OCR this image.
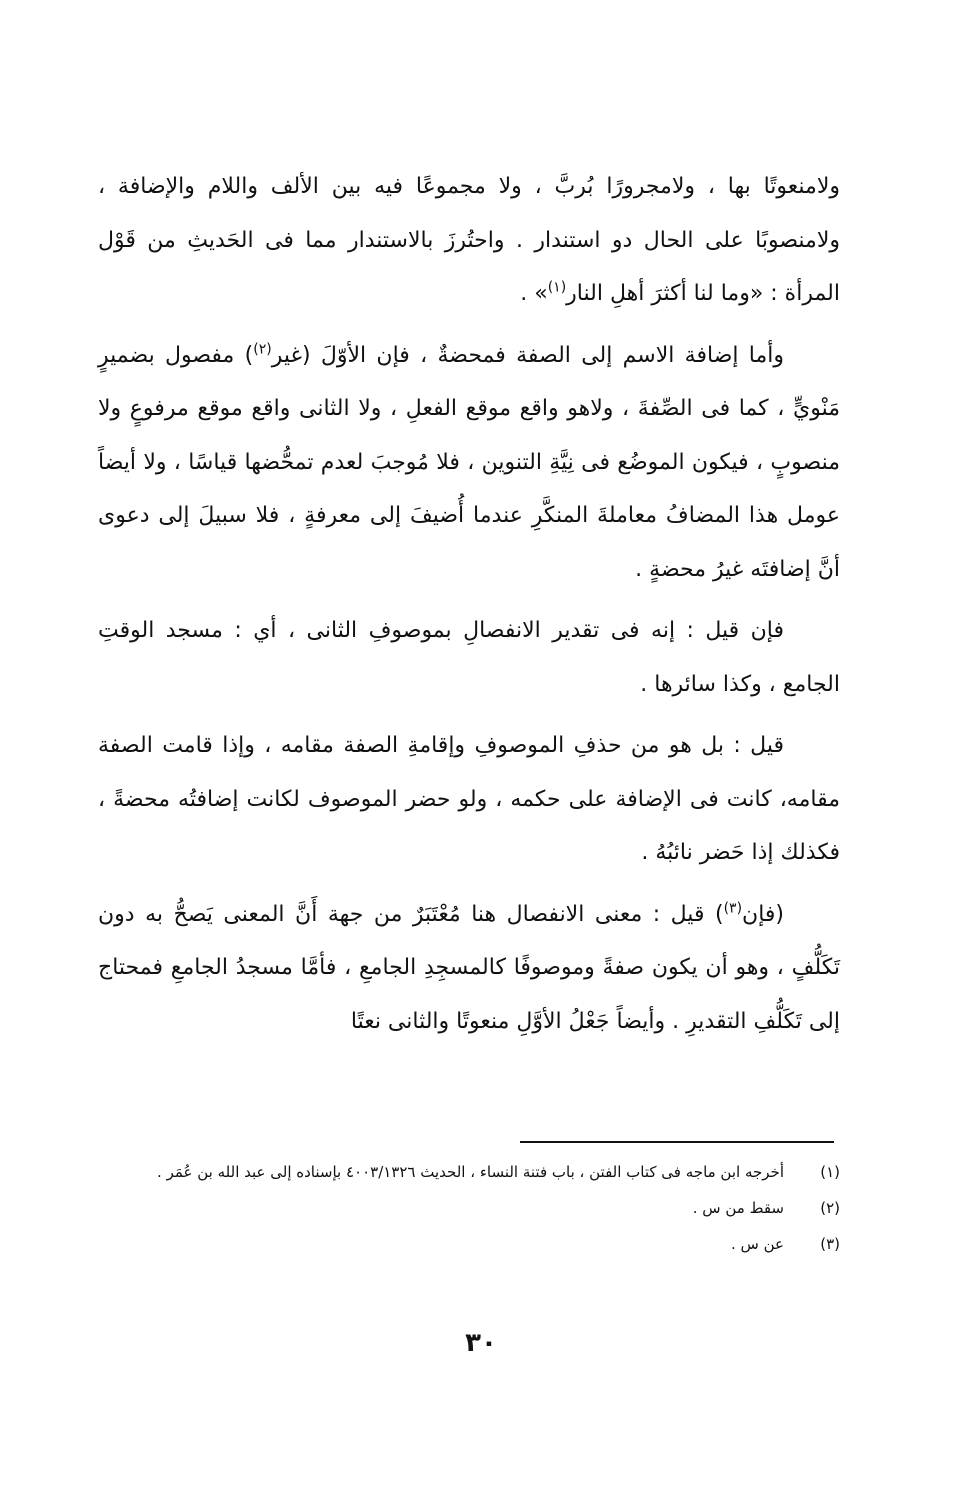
ولامنعوتًا بها ، ولامجرورًا بُربَّ ، ولا مجموعًا فيه بين الألف واللام والإضافة ، ولامنصوبًا على الحال دو استندار . واحتُرزَ بالاستندار مما فى الحَديثِ من قَوْل المرأة : «وما لنا أكثرَ أهلِ النار$^{(١)}$» .

وأما إضافة الاسم إلى الصفة فمحضةٌ ، فإن الأوّلَ (غير$^{(٢)}$) مفصول بضميرٍ مَنْويٍّ ، كما فى الصِّفةَ ، ولاهو واقع موقع الفعلِ ، ولا الثانى واقع موقع مرفوعٍ ولا منصوبٍ ، فيكون الموضُع فى نِيَّةِ التنوين ، فلا مُوجبَ لعدم تمحُّضها قياسًا ، ولا أيضاً عومل هذا المضافُ معاملةَ المنكَّرِ عندما أُضيفَ إلى معرفةٍ ، فلا سبيلَ إلى دعوى أنَّ إضافتَه غيرُ محضةٍ .

فإن قيل : إنه فى تقدير الانفصالِ بموصوفِ الثانى ، أي : مسجد الوقتِ الجامع ، وكذا سائرها .

قيل : بل هو من حذفِ الموصوفِ وإقامةِ الصفة مقامه ، وإذا قامت الصفة مقامه، كانت فى الإضافة على حكمه ، ولو حضر الموصوف لكانت إضافتُه محضةً ، فكذلك إذا حَضر نائبُهُ .

(فإن$^{(٣)}$) قيل : معنى الانفصال هنا مُعْتَبَرٌ من جهة أَنَّ المعنى يَصحُّ به دون تَكَلُّفٍ ، وهو أن يكون صفةً وموصوفًا كالمسجِدِ الجامعِ ، فأمَّا مسجدُ الجامعِ فمحتاج إلى تَكَلُّفِ التقديرِ . وأيضاً جَعْلُ الأوَّلِ منعوتًا والثانى نعتًا

(١)
أخرجه ابن ماجه فى كتاب الفتن ، باب فتنة النساء ، الحديث ٤٠٠٣/١٣٢٦ بإسناده إلى عبد الله بن عُمَر .
(٢)
سقط من س .
(٣)
عن س .
٣٠
